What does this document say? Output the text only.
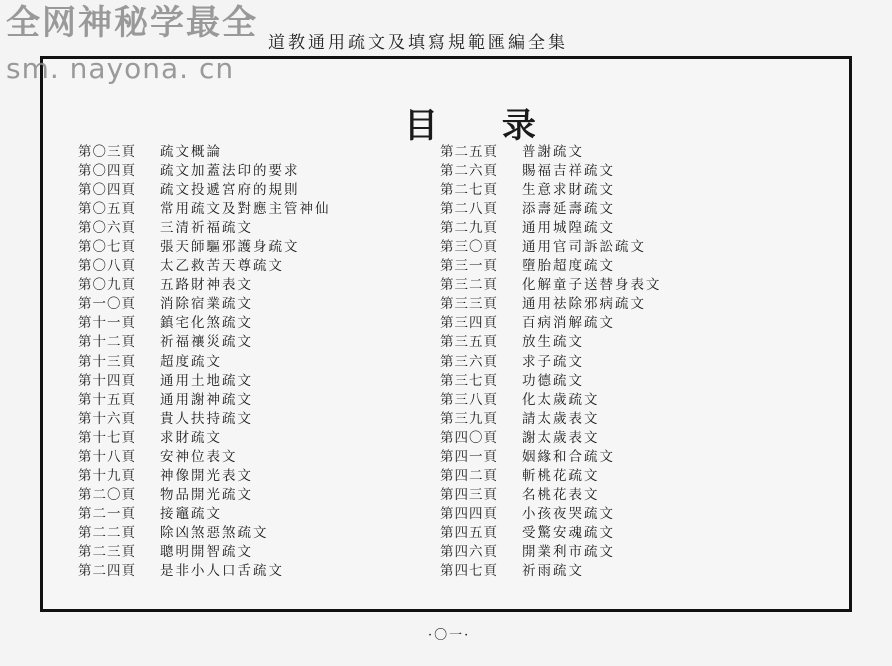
全网神秘学最全
sm. nayona. cn
道教通用疏文及填寫規範匯編全集
目 录
第〇三頁	疏文概論
第〇四頁	疏文加蓋法印的要求
第〇四頁	疏文投遞宮府的規則
第〇五頁	常用疏文及對應主管神仙
第〇六頁	三清祈福疏文
第〇七頁	張天師驅邪護身疏文
第〇八頁	太乙救苦天尊疏文
第〇九頁	五路財神表文
第一〇頁	消除宿業疏文
第十一頁	鎮宅化煞疏文
第十二頁	祈福禳災疏文
第十三頁	超度疏文
第十四頁	通用土地疏文
第十五頁	通用謝神疏文
第十六頁	貴人扶持疏文
第十七頁	求財疏文
第十八頁	安神位表文
第十九頁	神像開光表文
第二〇頁	物品開光疏文
第二一頁	接竈疏文
第二二頁	除凶煞惡煞疏文
第二三頁	聰明開智疏文
第二四頁	是非小人口舌疏文
第二五頁	普謝疏文
第二六頁	賜福吉祥疏文
第二七頁	生意求財疏文
第二八頁	添壽延壽疏文
第二九頁	通用城隍疏文
第三〇頁	通用官司訴訟疏文
第三一頁	墮胎超度疏文
第三二頁	化解童子送替身表文
第三三頁	通用祛除邪病疏文
第三四頁	百病消解疏文
第三五頁	放生疏文
第三六頁	求子疏文
第三七頁	功德疏文
第三八頁	化太歲疏文
第三九頁	請太歲表文
第四〇頁	謝太歲表文
第四一頁	姻緣和合疏文
第四二頁	斬桃花疏文
第四三頁	名桃花表文
第四四頁	小孩夜哭疏文
第四五頁	受驚安魂疏文
第四六頁	開業利市疏文
第四七頁	祈雨疏文
·〇一·
